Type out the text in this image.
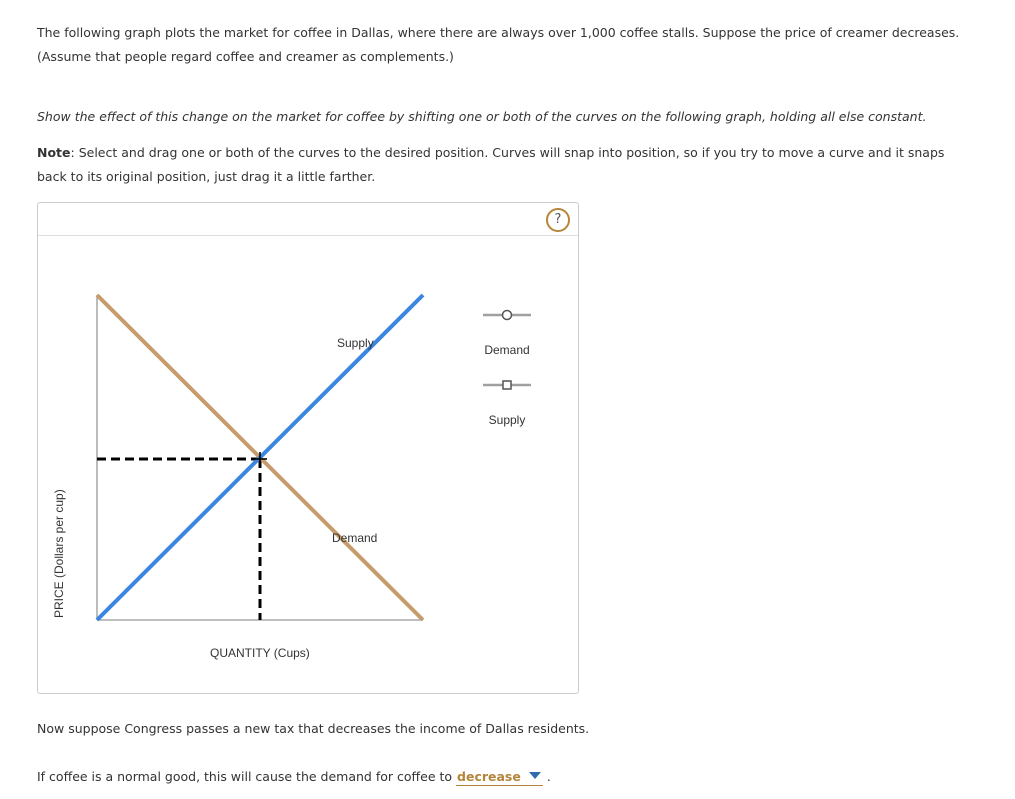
The following graph plots the market for coffee in Dallas, where there are always over 1,000 coffee stalls. Suppose the price of creamer decreases.
(Assume that people regard coffee and creamer as complements.)

Show the effect of this change on the market for coffee by shifting one or both of the curves on the following graph, holding all else constant.

Note: Select and drag one or both of the curves to the desired position. Curves will snap into position, so if you try to move a curve and it snaps back to its original position, just drag it a little farther.

?
PRICE (Dollars per cup)
QUANTITY (Cups)
Supply
Demand
Demand
Supply

Now suppose Congress passes a new tax that decreases the income of Dallas residents.

If coffee is a normal good, this will cause the demand for coffee to decrease .
